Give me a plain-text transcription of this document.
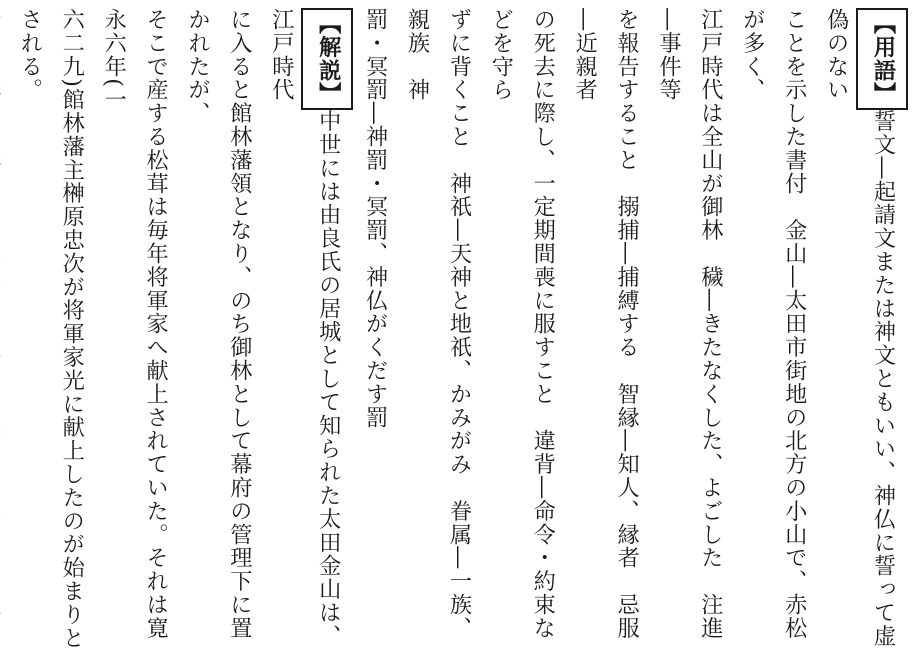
【用語】誓文―起請文または神文ともいい、神仏に誓って虚偽のない
ことを示した書付　金山―太田市街地の北方の小山で、赤松が多く、
江戸時代は全山が御林　穢―きたなくした、よごした　注進―事件等
を報告すること　搦捕―捕縛する　智縁―知人、縁者　忌服―近親者
の死去に際し、一定期間喪に服すこと　違背―命令・約束などを守ら
ずに背くこと　神祇―天神と地祇、かみがみ　眷属―一族、親族　神
罰・冥罰―神罰・冥罰、神仏がくだす罰
【解説】中世には由良氏の居城として知られた太田金山は、江戸時代
に入ると館林藩領となり、のち御林として幕府の管理下に置かれたが、
そこで産する松茸は毎年将軍家へ献上されていた。それは寛永六年(一
六二九)館林藩主榊原忠次が将軍家光に献上したのが始まりとされる。
